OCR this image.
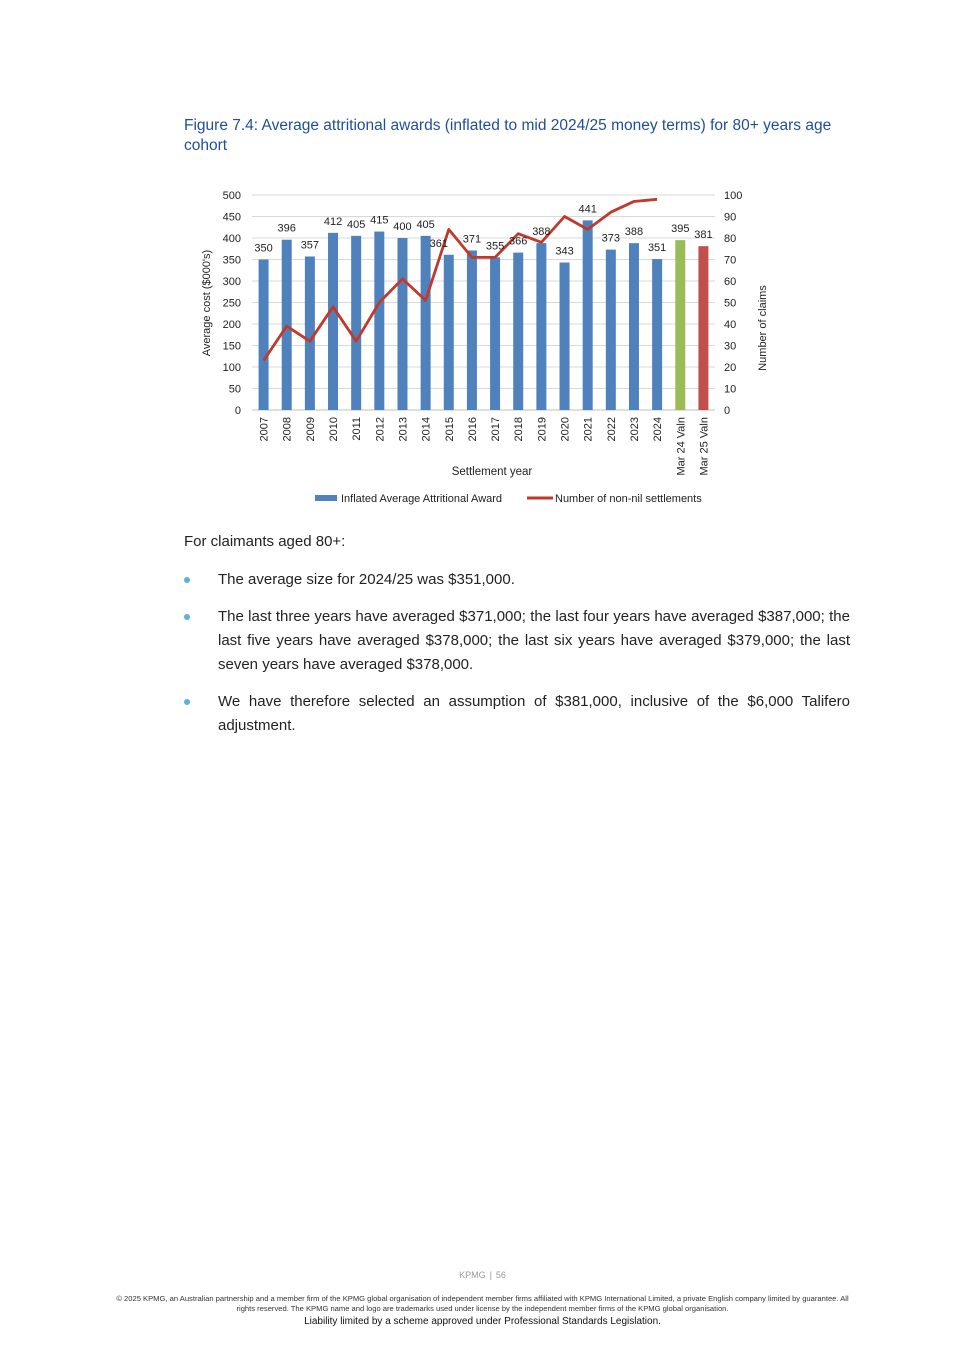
Figure 7.4: Average attritional awards (inflated to mid 2024/25 money terms) for 80+ years age cohort
350
396
357
412 405 415
400 405
361 371
355 366
388
343
441
373
388
351
395
381
0
50
100
150
200
250
300
350
400
450
500
0
10
20
30
40
50
60
70
80
90
100
2007 2008 2009 2010 2011 2012 2013 2014 2015 2016 2017 2018 2019 2020 2021 2022 2023 2024 Mar 24 Valn Mar 25 Valn
Average cost ($000's)	Number of claims
Settlement year
Inflated Average Attritional Award	Number of non-nil settlements

For claimants aged 80+:

The average size for 2024/25 was $351,000.
The last three years have averaged $371,000; the last four years have averaged $387,000; the last five years have averaged $378,000; the last six years have averaged $379,000; the last seven years have averaged $378,000.
We have therefore selected an assumption of $381,000, inclusive of the $6,000 Talifero adjustment.
KPMG | 56

© 2025 KPMG, an Australian partnership and a member firm of the KPMG global organisation of independent member firms affiliated with KPMG International Limited, a private English company limited by guarantee. All rights reserved. The KPMG name and logo are trademarks used under license by the independent member firms of the KPMG global organisation.

Liability limited by a scheme approved under Professional Standards Legislation.
